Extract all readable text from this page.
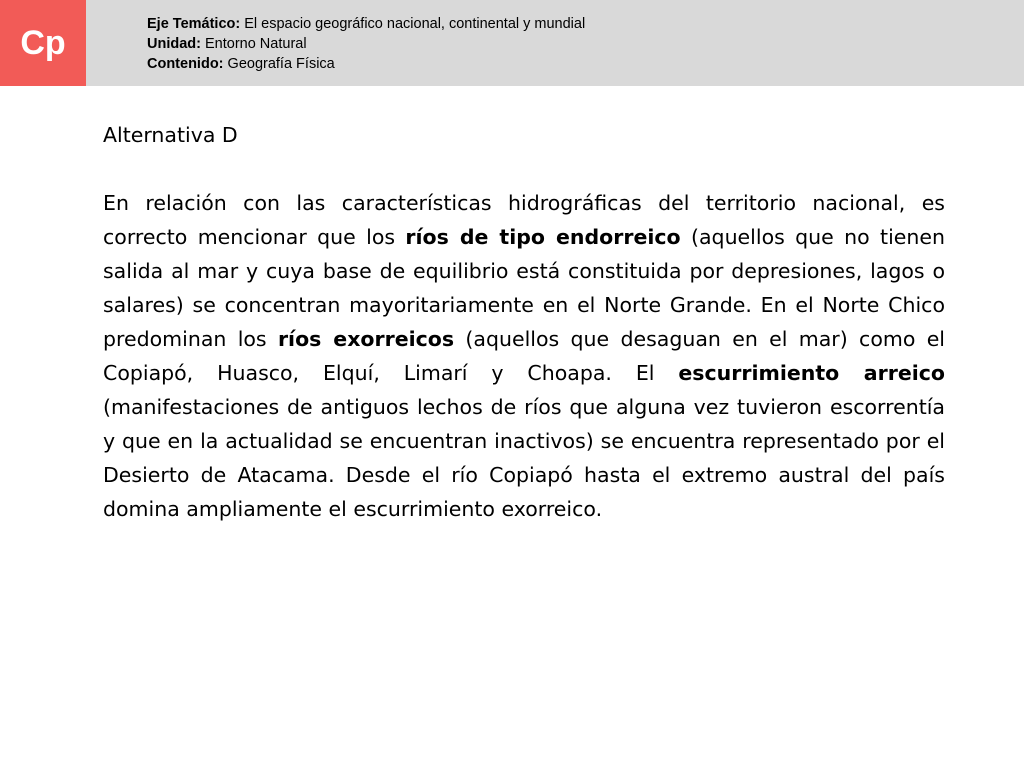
Cp	Eje Temático: El espacio geográfico nacional, continental y mundial
Unidad: Entorno Natural
Contenido: Geografía Física

Alternativa D

En relación con las características hidrográficas del territorio nacional, es correcto mencionar que los ríos de tipo endorreico (aquellos que no tienen salida al mar y cuya base de equilibrio está constituida por depresiones, lagos o salares) se concentran mayoritariamente en el Norte Grande. En el Norte Chico predominan los ríos exorreicos (aquellos que desaguan en el mar) como el Copiapó, Huasco, Elquí, Limarí y Choapa. El escurrimiento arreico (manifestaciones de antiguos lechos de ríos que alguna vez tuvieron escorrentía y que en la actualidad se encuentran inactivos) se encuentra representado por el Desierto de Atacama. Desde el río Copiapó hasta el extremo austral del país domina ampliamente el escurrimiento exorreico.
